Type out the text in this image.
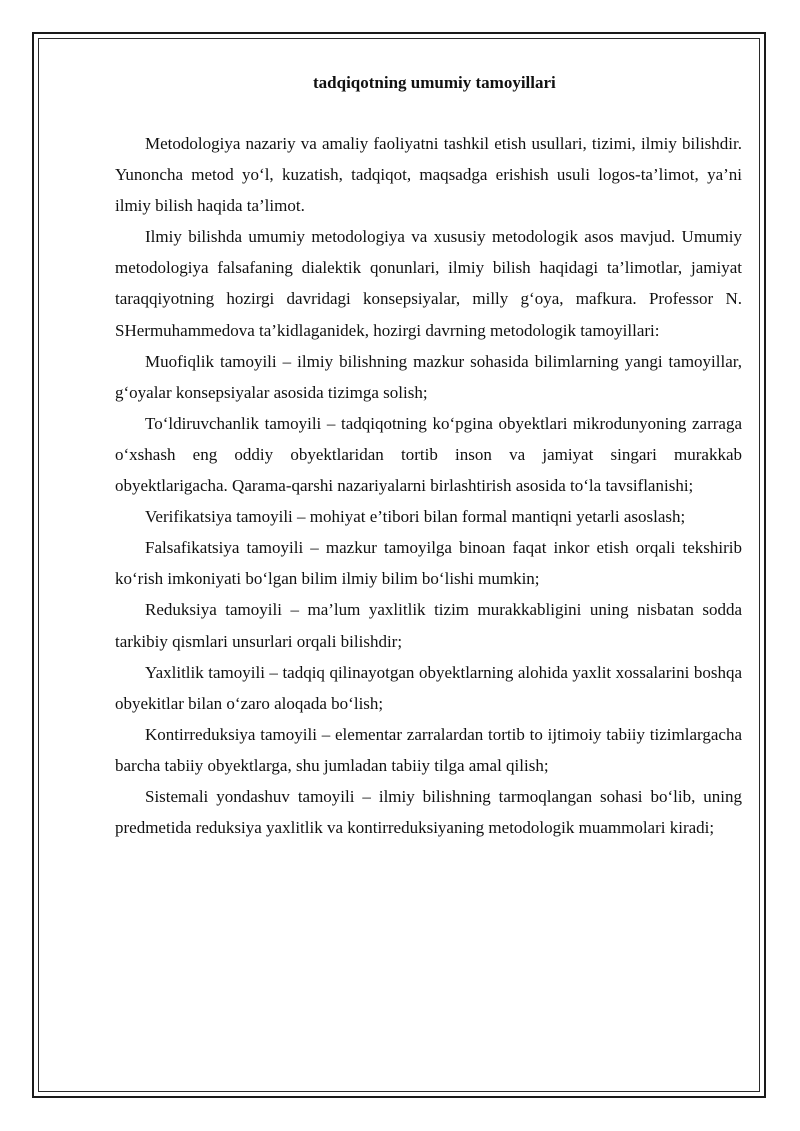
tadqiqotning umumiy tamoyillari

Metodologiya nazariy va amaliy faoliyatni tashkil etish usullari, tizimi, ilmiy bilishdir. Yunoncha metod yo‘l, kuzatish, tadqiqot, maqsadga erishish usuli logos-ta’limot, ya’ni ilmiy bilish haqida ta’limot.

Ilmiy bilishda umumiy metodologiya va xususiy metodologik asos mavjud. Umumiy metodologiya falsafaning dialektik qonunlari, ilmiy bilish haqidagi ta’limotlar, jamiyat taraqqiyotning hozirgi davridagi konsepsiyalar, milly g‘oya, mafkura. Professor N. SHermuhammedova ta’kidlaganidek, hozirgi davrning metodologik tamoyillari:

Muofiqlik tamoyili – ilmiy bilishning mazkur sohasida bilimlarning yangi tamoyillar, g‘oyalar konsepsiyalar asosida tizimga solish;

To‘ldiruvchanlik tamoyili – tadqiqotning ko‘pgina obyektlari mikrodunyoning zarraga o‘xshash eng oddiy obyektlaridan tortib inson va jamiyat singari murakkab obyektlarigacha. Qarama-qarshi nazariyalarni birlashtirish asosida to‘la tavsiflanishi;

Verifikatsiya tamoyili – mohiyat e’tibori bilan formal mantiqni yetarli asoslash;

Falsafikatsiya tamoyili – mazkur tamoyilga binoan faqat inkor etish orqali tekshirib ko‘rish imkoniyati bo‘lgan bilim ilmiy bilim bo‘lishi mumkin;

Reduksiya tamoyili – ma’lum yaxlitlik tizim murakkabligini uning nisbatan sodda tarkibiy qismlari unsurlari orqali bilishdir;

Yaxlitlik tamoyili – tadqiq qilinayotgan obyektlarning alohida yaxlit xossalarini boshqa obyekitlar bilan o‘zaro aloqada bo‘lish;

Kontirreduksiya tamoyili – elementar zarralardan tortib to ijtimoiy tabiiy tizimlargacha barcha tabiiy obyektlarga, shu jumladan tabiiy tilga amal qilish;

Sistemali yondashuv tamoyili – ilmiy bilishning tarmoqlangan sohasi bo‘lib, uning predmetida reduksiya yaxlitlik va kontirreduksiyaning metodologik muammolari kiradi;
